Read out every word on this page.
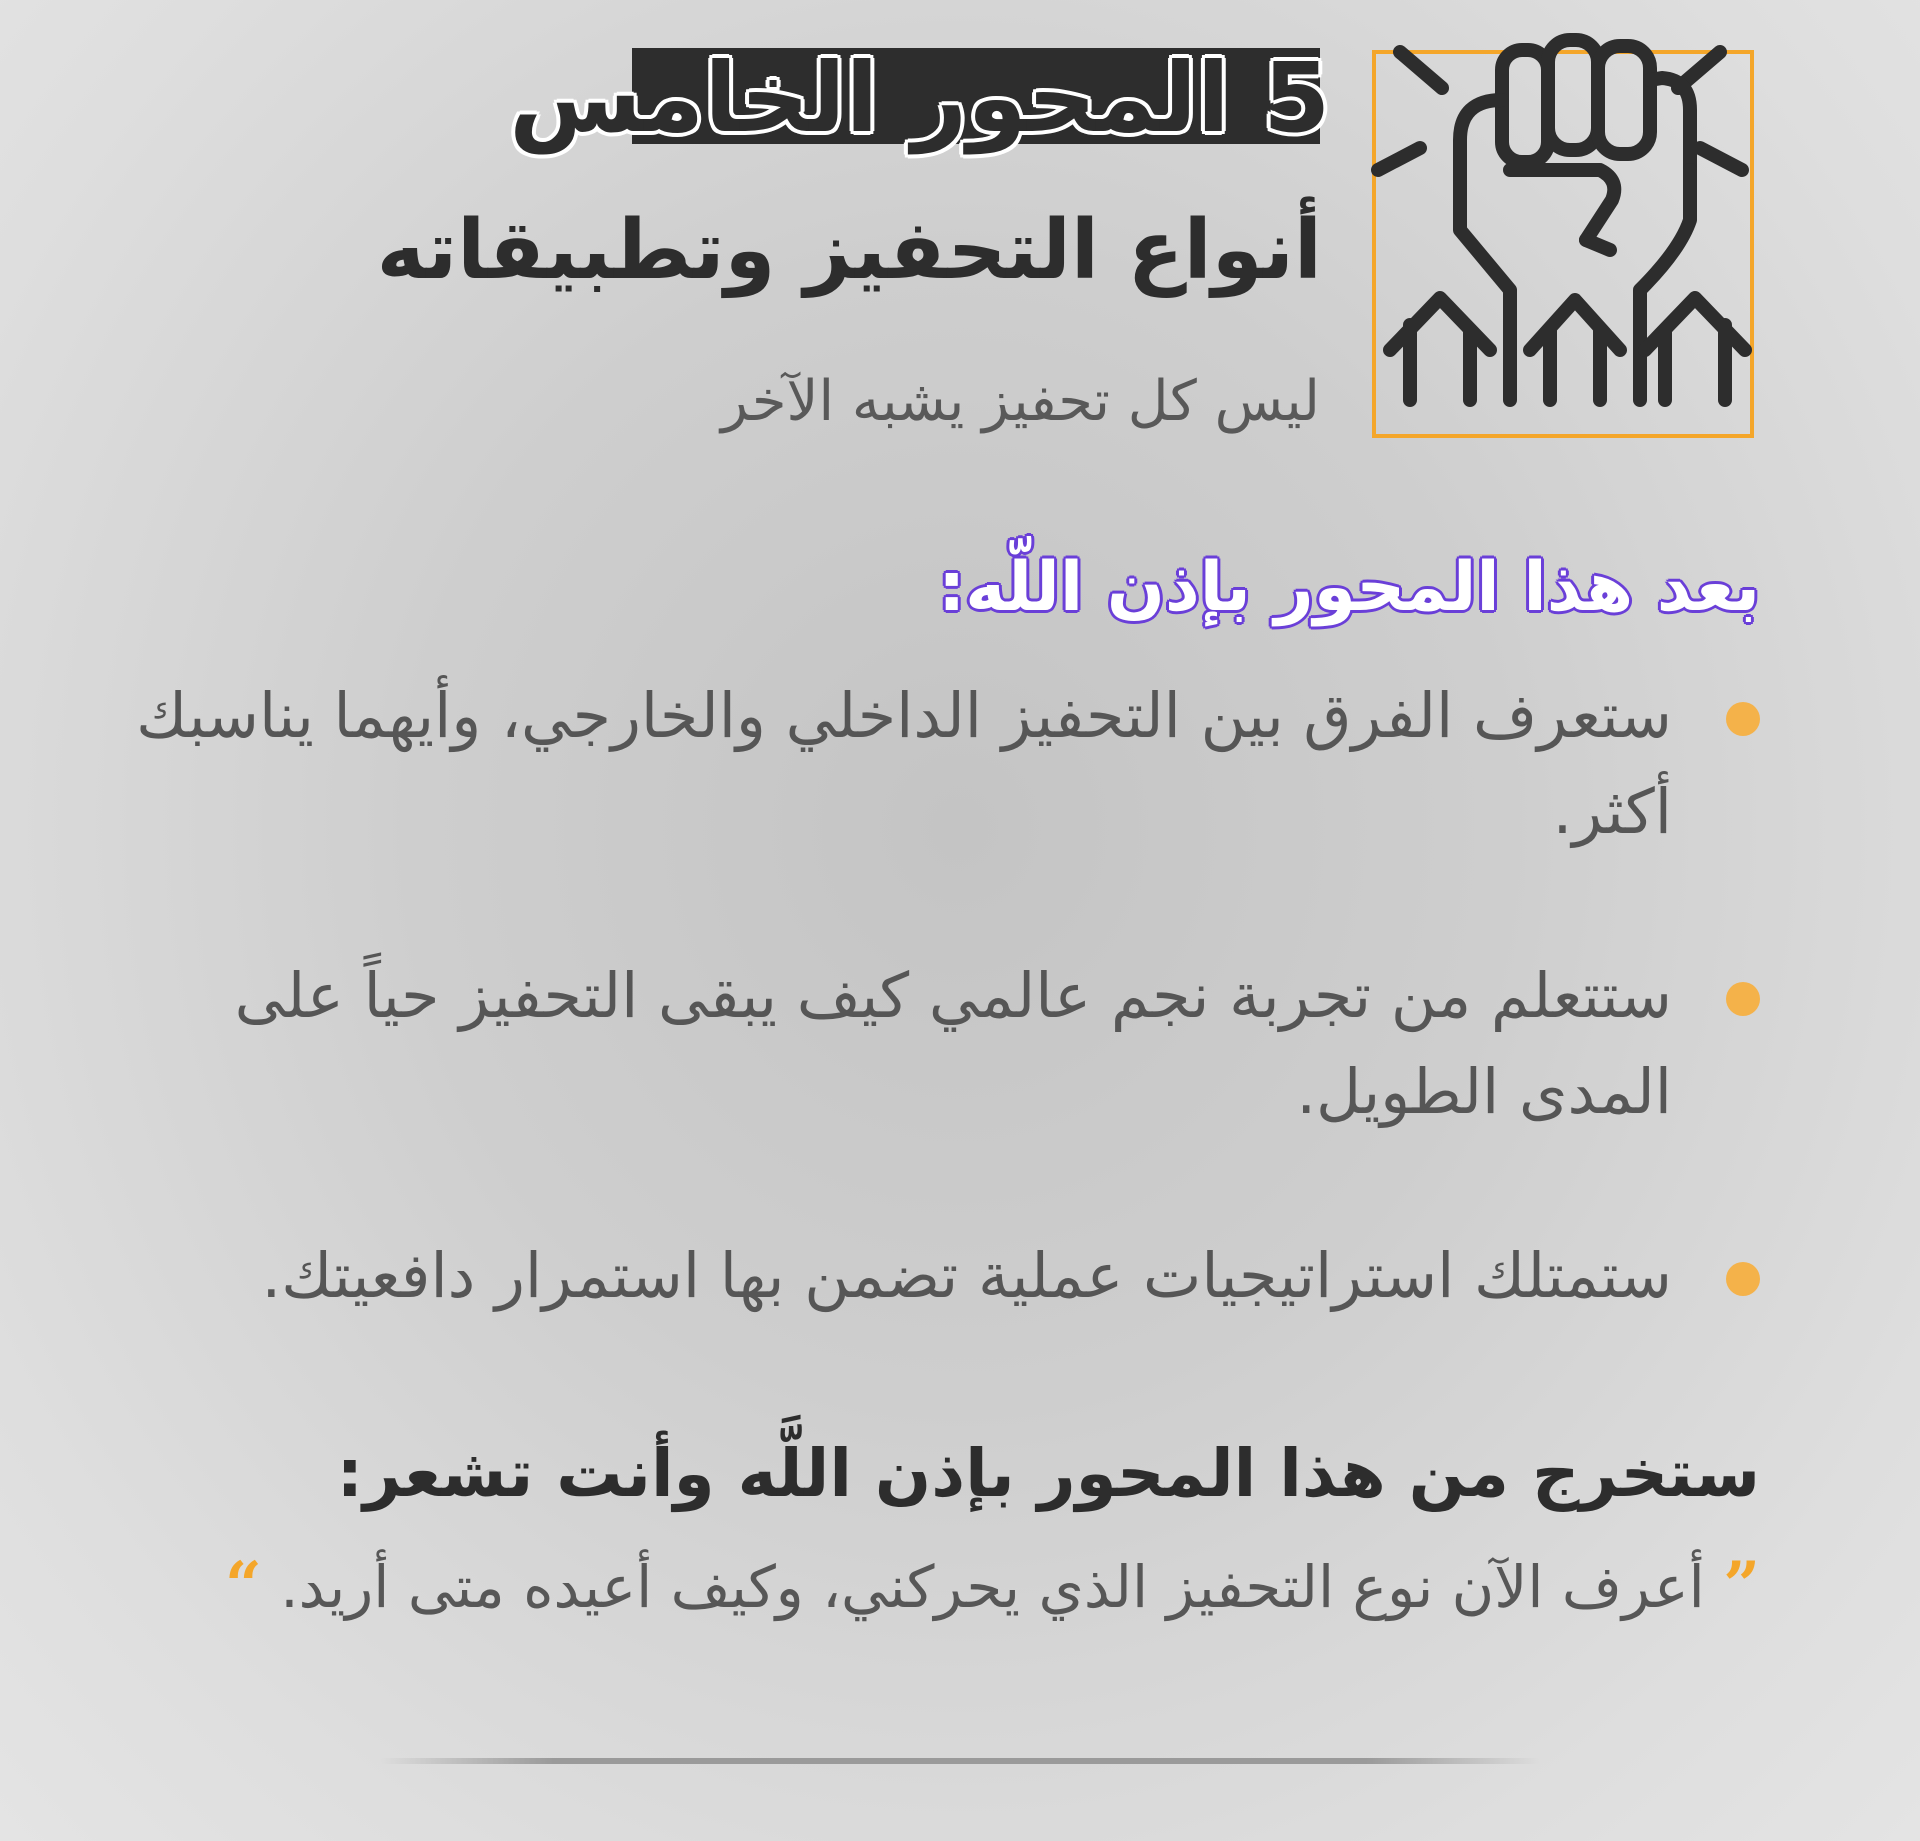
5 المحور الخامس
أنواع التحفيز وتطبيقاته
ليس كل تحفيز يشبه الآخر
بعد هذا المحور بإذن اللّه:
ستعرف الفرق بين التحفيز الداخلي والخارجي، وأيهما يناسبك أكثر.
ستتعلم من تجربة نجم عالمي كيف يبقى التحفيز حياً على المدى الطويل.
ستمتلك استراتيجيات عملية تضمن بها استمرار دافعيتك.
ستخرج من هذا المحور بإذن اللَّه وأنت تشعر:
” أعرف الآن نوع التحفيز الذي يحركني، وكيف أعيده متى أريد. “
